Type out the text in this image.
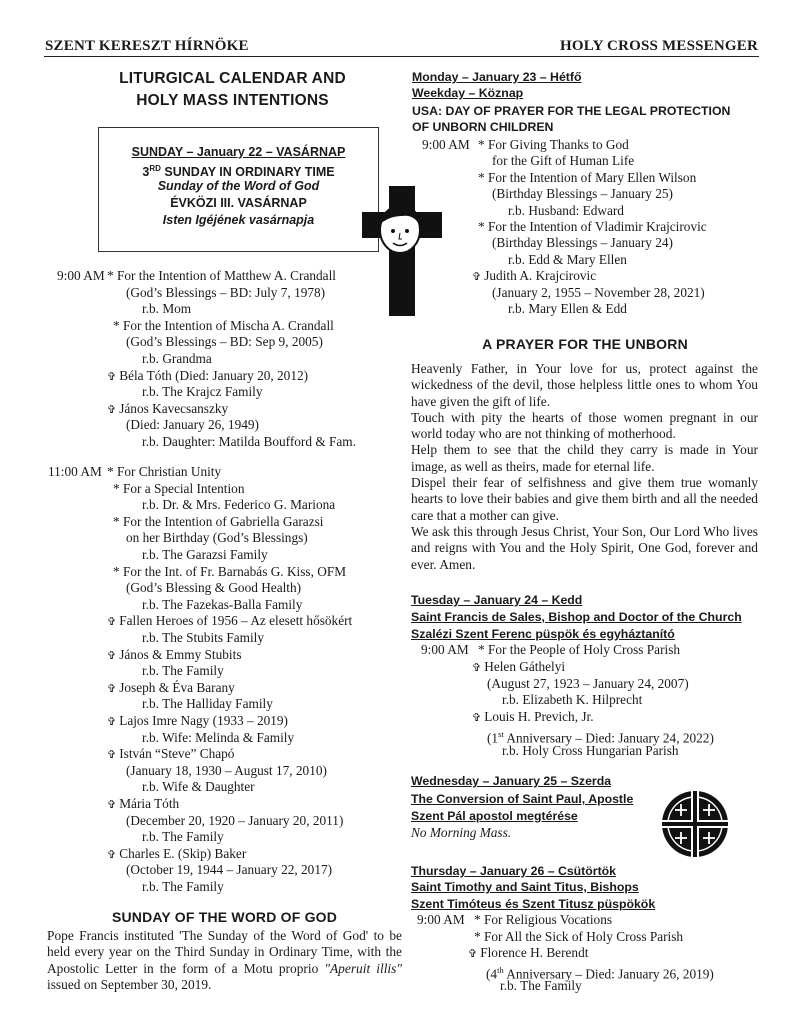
SZENT KERESZT HÍRNÖKE	HOLY CROSS MESSENGER
LITURGICAL CALENDAR AND
HOLY MASS INTENTIONS
SUNDAY – January 22 – VASÁRNAP
3RD SUNDAY IN ORDINARY TIME
Sunday of the Word of God
ÉVKÖZI III. VASÁRNAP
Isten Igéjének vasárnapja
9:00 AM * For the Intention of Matthew A. Crandall
(God’s Blessings – BD: July 7, 1978)
r.b. Mom
* For the Intention of Mischa A. Crandall
(God’s Blessings – BD: Sep 9, 2005)
r.b. Grandma
✞ Béla Tóth (Died: January 20, 2012)
r.b. The Krajcz Family
✞ János Kavecsanszky
(Died: January 26, 1949)
r.b. Daughter: Matilda Boufford & Fam.
11:00 AM * For Christian Unity
* For a Special Intention
r.b. Dr. & Mrs. Federico G. Mariona
* For the Intention of Gabriella Garazsi
on her Birthday (God’s Blessings)
r.b. The Garazsi Family
* For the Int. of Fr. Barnabás G. Kiss, OFM
(God’s Blessing & Good Health)
r.b. The Fazekas-Balla Family
✞ Fallen Heroes of 1956 – Az elesett hősökért
r.b. The Stubits Family
✞ János & Emmy Stubits
r.b. The Family
✞ Joseph & Éva Barany
r.b. The Halliday Family
✞ Lajos Imre Nagy (1933 – 2019)
r.b. Wife: Melinda & Family
✞ István “Steve” Chapó
(January 18, 1930 – August 17, 2010)
r.b. Wife & Daughter
✞ Mária Tóth
(December 20, 1920 – January 20, 2011)
r.b. The Family
✞ Charles E. (Skip) Baker
(October 19, 1944 – January 22, 2017)
r.b. The Family
SUNDAY OF THE WORD OF GOD
Pope Francis instituted 'The Sunday of the Word of God' to be held every year on the Third Sunday in Ordinary Time, with the Apostolic Letter in the form of a Motu proprio "Aperuit illis" issued on September 30, 2019.
Monday – January 23 – Hétfő
Weekday – Köznap
USA: DAY OF PRAYER FOR THE LEGAL PROTECTION
OF UNBORN CHILDREN
9:00 AM * For Giving Thanks to God
for the Gift of Human Life
* For the Intention of Mary Ellen Wilson
(Birthday Blessings – January 25)
r.b. Husband: Edward
* For the Intention of Vladimir Krajcirovic
(Birthday Blessings – January 24)
r.b. Edd & Mary Ellen
✞ Judith A. Krajcirovic
(January 2, 1955 – November 28, 2021)
r.b. Mary Ellen & Edd
A PRAYER FOR THE UNBORN

Heavenly Father, in Your love for us, protect against the wickedness of the devil, those helpless little ones to whom You have given the gift of life.

Touch with pity the hearts of those women pregnant in our world today who are not thinking of motherhood.

Help them to see that the child they carry is made in Your image, as well as theirs, made for eternal life.

Dispel their fear of selfishness and give them true womanly hearts to love their babies and give them birth and all the needed care that a mother can give.

We ask this through Jesus Christ, Your Son, Our Lord Who lives and reigns with You and the Holy Spirit, One God, forever and ever. Amen.

Tuesday – January 24 – Kedd
Saint Francis de Sales, Bishop and Doctor of the Church
Szalézi Szent Ferenc püspök és egyháztanító
9:00 AM * For the People of Holy Cross Parish
✞ Helen Gáthelyi
(August 27, 1923 – January 24, 2007)
r.b. Elizabeth K. Hilprecht
✞ Louis H. Previch, Jr.
(1st Anniversary – Died: January 24, 2022)
r.b. Holy Cross Hungarian Parish
Wednesday – January 25 – Szerda
The Conversion of Saint Paul, Apostle
Szent Pál apostol megtérése
No Morning Mass.
Thursday – January 26 – Csütörtök
Saint Timothy and Saint Titus, Bishops
Szent Timóteus és Szent Titusz püspökök
9:00 AM * For Religious Vocations
* For All the Sick of Holy Cross Parish
✞ Florence H. Berendt
(4th Anniversary – Died: January 26, 2019)
r.b. The Family
